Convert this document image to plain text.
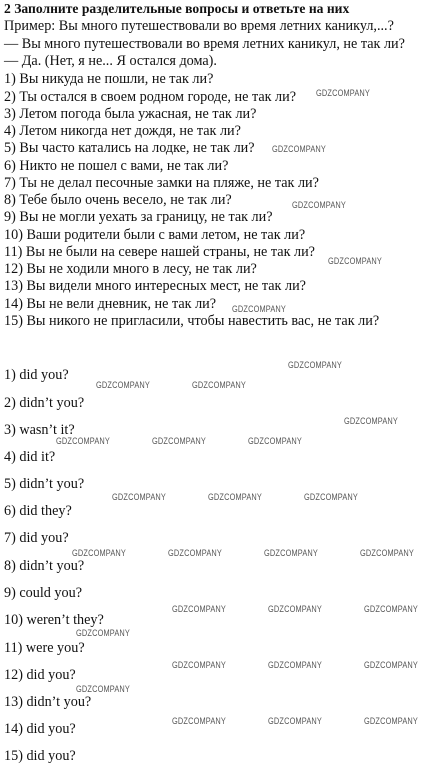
2 Заполните разделительные вопросы и ответьте на них
Пример: Вы много путешествовали во время летних каникул,...?
— Вы много путешествовали во время летних каникул, не так ли?
— Да. (Нет, я не... Я остался дома).
1) Вы никуда не пошли, не так ли?
2) Ты остался в своем родном городе, не так ли?
3) Летом погода была ужасная, не так ли?
4) Летом никогда нет дождя, не так ли?
5) Вы часто катались на лодке, не так ли?
6) Никто не пошел с вами, не так ли?
7) Ты не делал песочные замки на пляже, не так ли?
8) Тебе было очень весело, не так ли?
9) Вы не могли уехать за границу, не так ли?
10) Ваши родители были с вами летом, не так ли?
11) Вы не были на севере нашей страны, не так ли?
12) Вы не ходили много в лесу, не так ли?
13) Вы видели много интересных мест, не так ли?
14) Вы не вели дневник, не так ли?
15) Вы никого не пригласили, чтобы навестить вас, не так ли?
1) did you?
2) didn’t you?
3) wasn’t it?
4) did it?
5) didn’t you?
6) did they?
7) did you?
8) didn’t you?
9) could you?
10) weren’t they?
11) were you?
12) did you?
13) didn’t you?
14) did you?
15) did you?
GDZCOMPANY
GDZCOMPANY
GDZCOMPANY
GDZCOMPANY
GDZCOMPANY
GDZCOMPANY
GDZCOMPANY	GDZCOMPANY
GDZCOMPANY
GDZCOMPANY	GDZCOMPANY	GDZCOMPANY
GDZCOMPANY	GDZCOMPANY	GDZCOMPANY
GDZCOMPANY	GDZCOMPANY	GDZCOMPANY	GDZCOMPANY
GDZCOMPANY	GDZCOMPANY	GDZCOMPANY
GDZCOMPANY
GDZCOMPANY	GDZCOMPANY	GDZCOMPANY
GDZCOMPANY
GDZCOMPANY	GDZCOMPANY	GDZCOMPANY
